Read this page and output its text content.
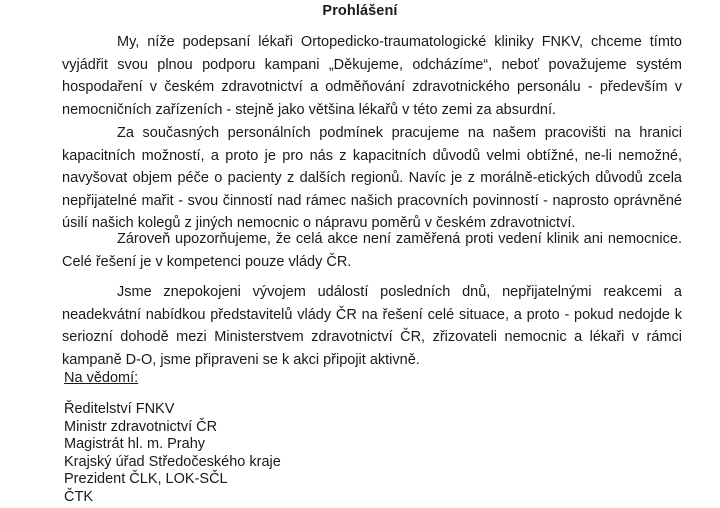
Prohlášení

My, níže podepsaní lékaři Ortopedicko-traumatologické kliniky FNKV, chceme tímto vyjádřit svou plnou podporu kampani „Děkujeme, odcházíme“, neboť považujeme systém hospodaření v českém zdravotnictví a odměňování zdravotnického personálu - především v nemocničních zařízeních - stejně jako většina lékařů v této zemi za absurdní.

Za současných personálních podmínek pracujeme na našem pracovišti na hranici kapacitních možností, a proto je pro nás z kapacitních důvodů velmi obtížné, ne-li nemožné, navyšovat objem péče o pacienty z dalších regionů. Navíc je z morálně-etických důvodů zcela nepřijatelné mařit - svou činností nad rámec našich pracovních povinností - naprosto oprávněné úsilí našich kolegů z jiných nemocnic o nápravu poměrů v českém zdravotnictví.

Zároveň upozorňujeme, že celá akce není zaměřená proti vedení klinik ani nemocnice. Celé řešení je v kompetenci pouze vlády ČR.

Jsme znepokojeni vývojem událostí posledních dnů, nepřijatelnými reakcemi a neadekvátní nabídkou představitelů vlády ČR na řešení celé situace, a proto - pokud nedojde k seriozní dohodě mezi Ministerstvem zdravotnictví ČR, zřizovateli nemocnic a lékaři v rámci kampaně D-O, jsme připraveni se k akci připojit aktivně.

Na vědomí:
Ředitelství FNKV
Ministr zdravotnictví ČR
Magistrát hl. m. Prahy
Krajský úřad Středočeského kraje
Prezident ČLK, LOK-SČL
ČTK
